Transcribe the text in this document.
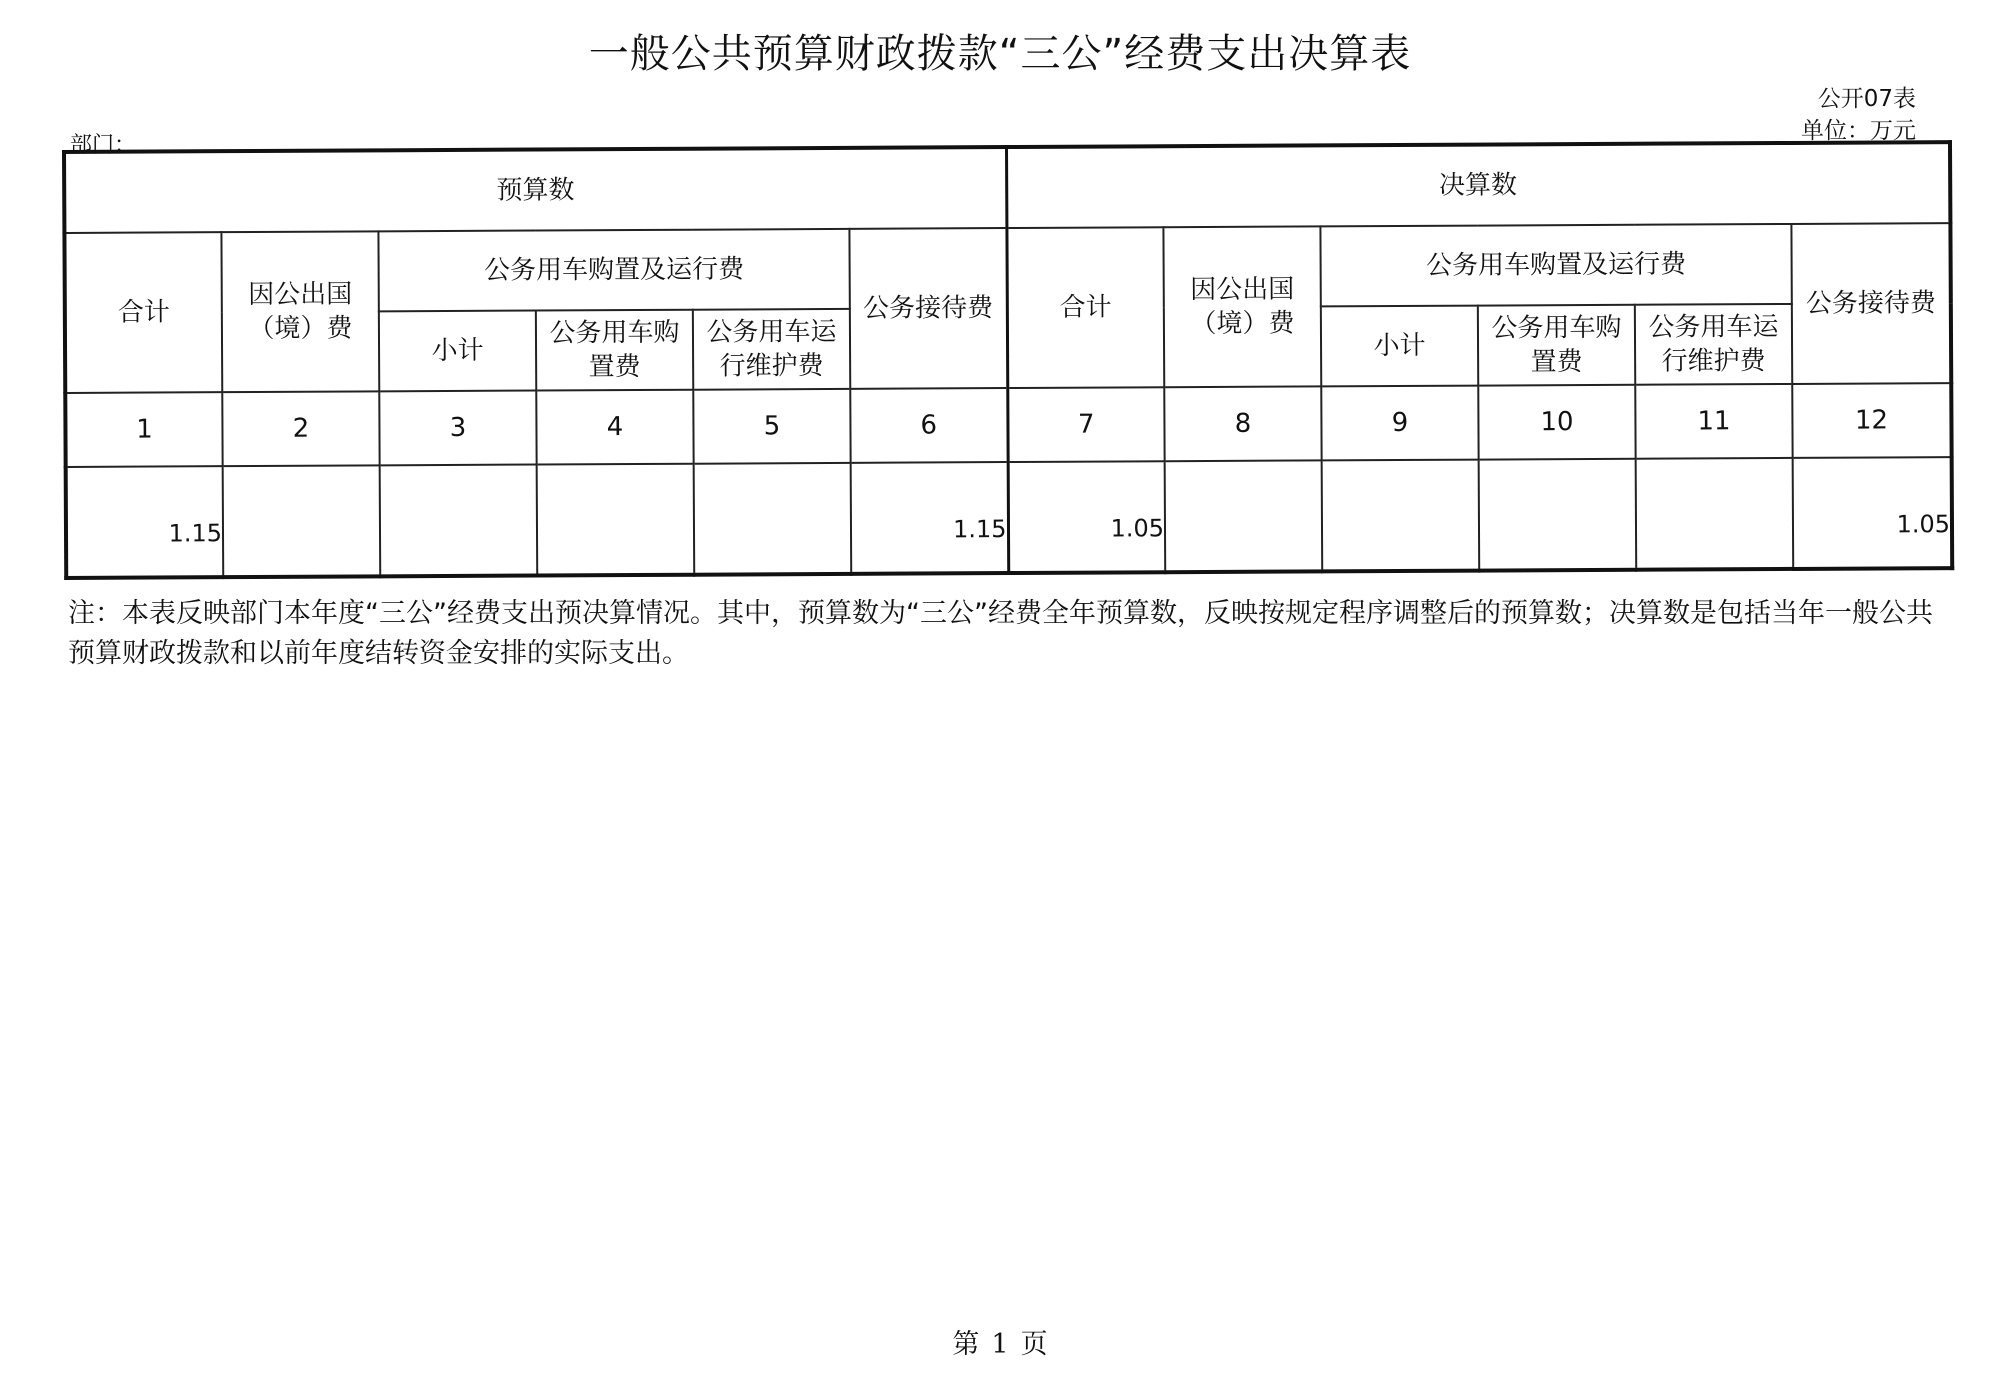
一般公共预算财政拨款“三公”经费支出决算表
公开07表
单位：万元
部门：
预算数						决算数					
合计	因公出国（境）费	公务用车购置及运行费			公务接待费	合计	因公出国（境）费	公务用车购置及运行费			公务接待费
		小计	公务用车购置费	公务用车运行维护费				小计	公务用车购置费	公务用车运行维护费	
1	2	3	4	5	6	7	8	9	10	11	12
1.15					1.15	1.05					1.05
注：本表反映部门本年度“三公”经费支出预决算情况。其中，预算数为“三公”经费全年预算数，反映按规定程序调整后的预算数；决算数是包括当年一般公共预算财政拨款和以前年度结转资金安排的实际支出。
第 1 页
